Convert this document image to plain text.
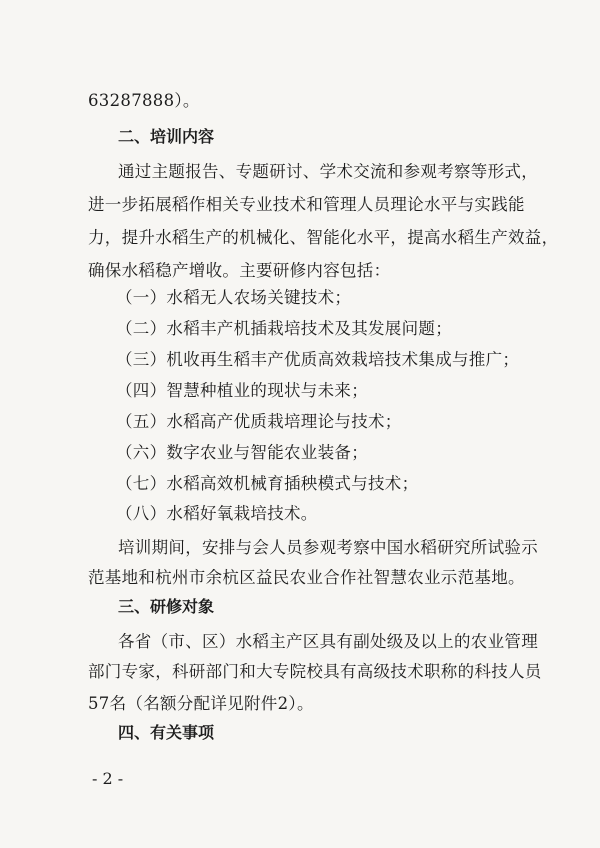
63287888）。
二、培训内容
通过主题报告、专题研讨、学术交流和参观考察等形式，
进一步拓展稻作相关专业技术和管理人员理论水平与实践能
力，提升水稻生产的机械化、智能化水平，提高水稻生产效益，
确保水稻稳产增收。主要研修内容包括：
（一）水稻无人农场关键技术；
（二）水稻丰产机插栽培技术及其发展问题；
（三）机收再生稻丰产优质高效栽培技术集成与推广；
（四）智慧种植业的现状与未来；
（五）水稻高产优质栽培理论与技术；
（六）数字农业与智能农业装备；
（七）水稻高效机械育插秧模式与技术；
（八）水稻好氧栽培技术。
培训期间，安排与会人员参观考察中国水稻研究所试验示
范基地和杭州市余杭区益民农业合作社智慧农业示范基地。
三、研修对象
各省（市、区）水稻主产区具有副处级及以上的农业管理
部门专家，科研部门和大专院校具有高级技术职称的科技人员
57名（名额分配详见附件2）。
四、有关事项
- 2 -
